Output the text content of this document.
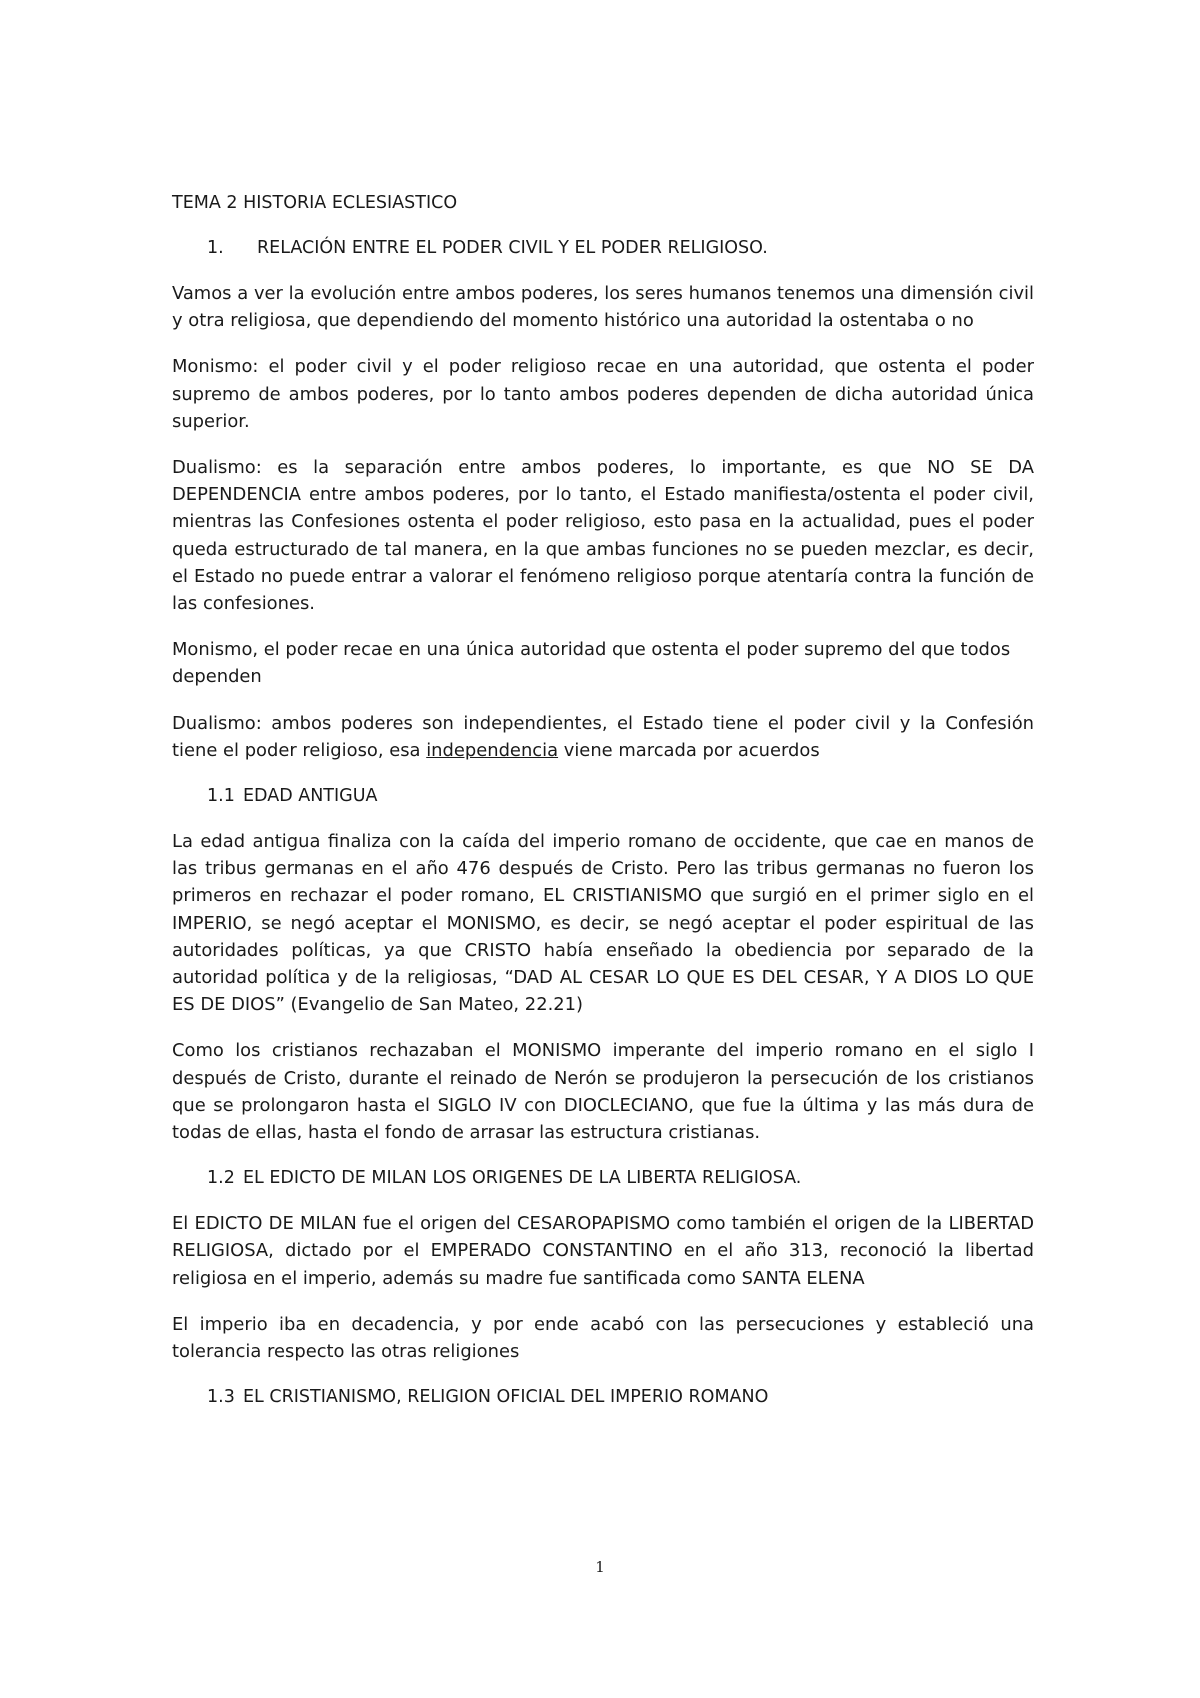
TEMA 2 HISTORIA ECLESIASTICO
1.	RELACIÓN ENTRE EL PODER CIVIL Y EL PODER RELIGIOSO.

Vamos a ver la evolución entre ambos poderes, los seres humanos tenemos una dimensión civil y otra religiosa, que dependiendo del momento histórico una autoridad la ostentaba o no

Monismo: el poder civil y el poder religioso recae en una autoridad, que ostenta el poder supremo de ambos poderes, por lo tanto ambos poderes dependen de dicha autoridad única superior.

Dualismo: es la separación entre ambos poderes, lo importante, es que NO SE DA DEPENDENCIA entre ambos poderes, por lo tanto, el Estado manifiesta/ostenta el poder civil, mientras las Confesiones ostenta el poder religioso, esto pasa en la actualidad, pues el poder queda estructurado de tal manera, en la que ambas funciones no se pueden mezclar, es decir, el Estado no puede entrar a valorar el fenómeno religioso porque atentaría contra la función de las confesiones.

Monismo, el poder recae en una única autoridad que ostenta el poder supremo del que todos dependen

Dualismo: ambos poderes son independientes, el Estado tiene el poder civil y la Confesión tiene el poder religioso, esa independencia viene marcada por acuerdos

1.1 EDAD ANTIGUA

La edad antigua finaliza con la caída del imperio romano de occidente, que cae en manos de las tribus germanas en el año 476 después de Cristo. Pero las tribus germanas no fueron los primeros en rechazar el poder romano, EL CRISTIANISMO que surgió en el primer siglo en el IMPERIO, se negó aceptar el MONISMO, es decir, se negó aceptar el poder espiritual de las autoridades políticas, ya que CRISTO había enseñado la obediencia por separado de la autoridad política y de la religiosas, “DAD AL CESAR LO QUE ES DEL CESAR, Y A DIOS LO QUE ES DE DIOS” (Evangelio de San Mateo, 22.21)

Como los cristianos rechazaban el MONISMO imperante del imperio romano en el siglo I después de Cristo, durante el reinado de Nerón se produjeron la persecución de los cristianos que se prolongaron hasta el SIGLO IV con DIOCLECIANO, que fue la última y las más dura de todas de ellas, hasta el fondo de arrasar las estructura cristianas.

1.2 EL EDICTO DE MILAN LOS ORIGENES DE LA LIBERTA RELIGIOSA.

El EDICTO DE MILAN fue el origen del CESAROPAPISMO como también el origen de la LIBERTAD RELIGIOSA, dictado por el EMPERADO CONSTANTINO en el año 313, reconoció la libertad religiosa en el imperio, además su madre fue santificada como SANTA ELENA

El imperio iba en decadencia, y por ende acabó con las persecuciones y estableció una tolerancia respecto las otras religiones

1.3 EL CRISTIANISMO, RELIGION OFICIAL DEL IMPERIO ROMANO
1
